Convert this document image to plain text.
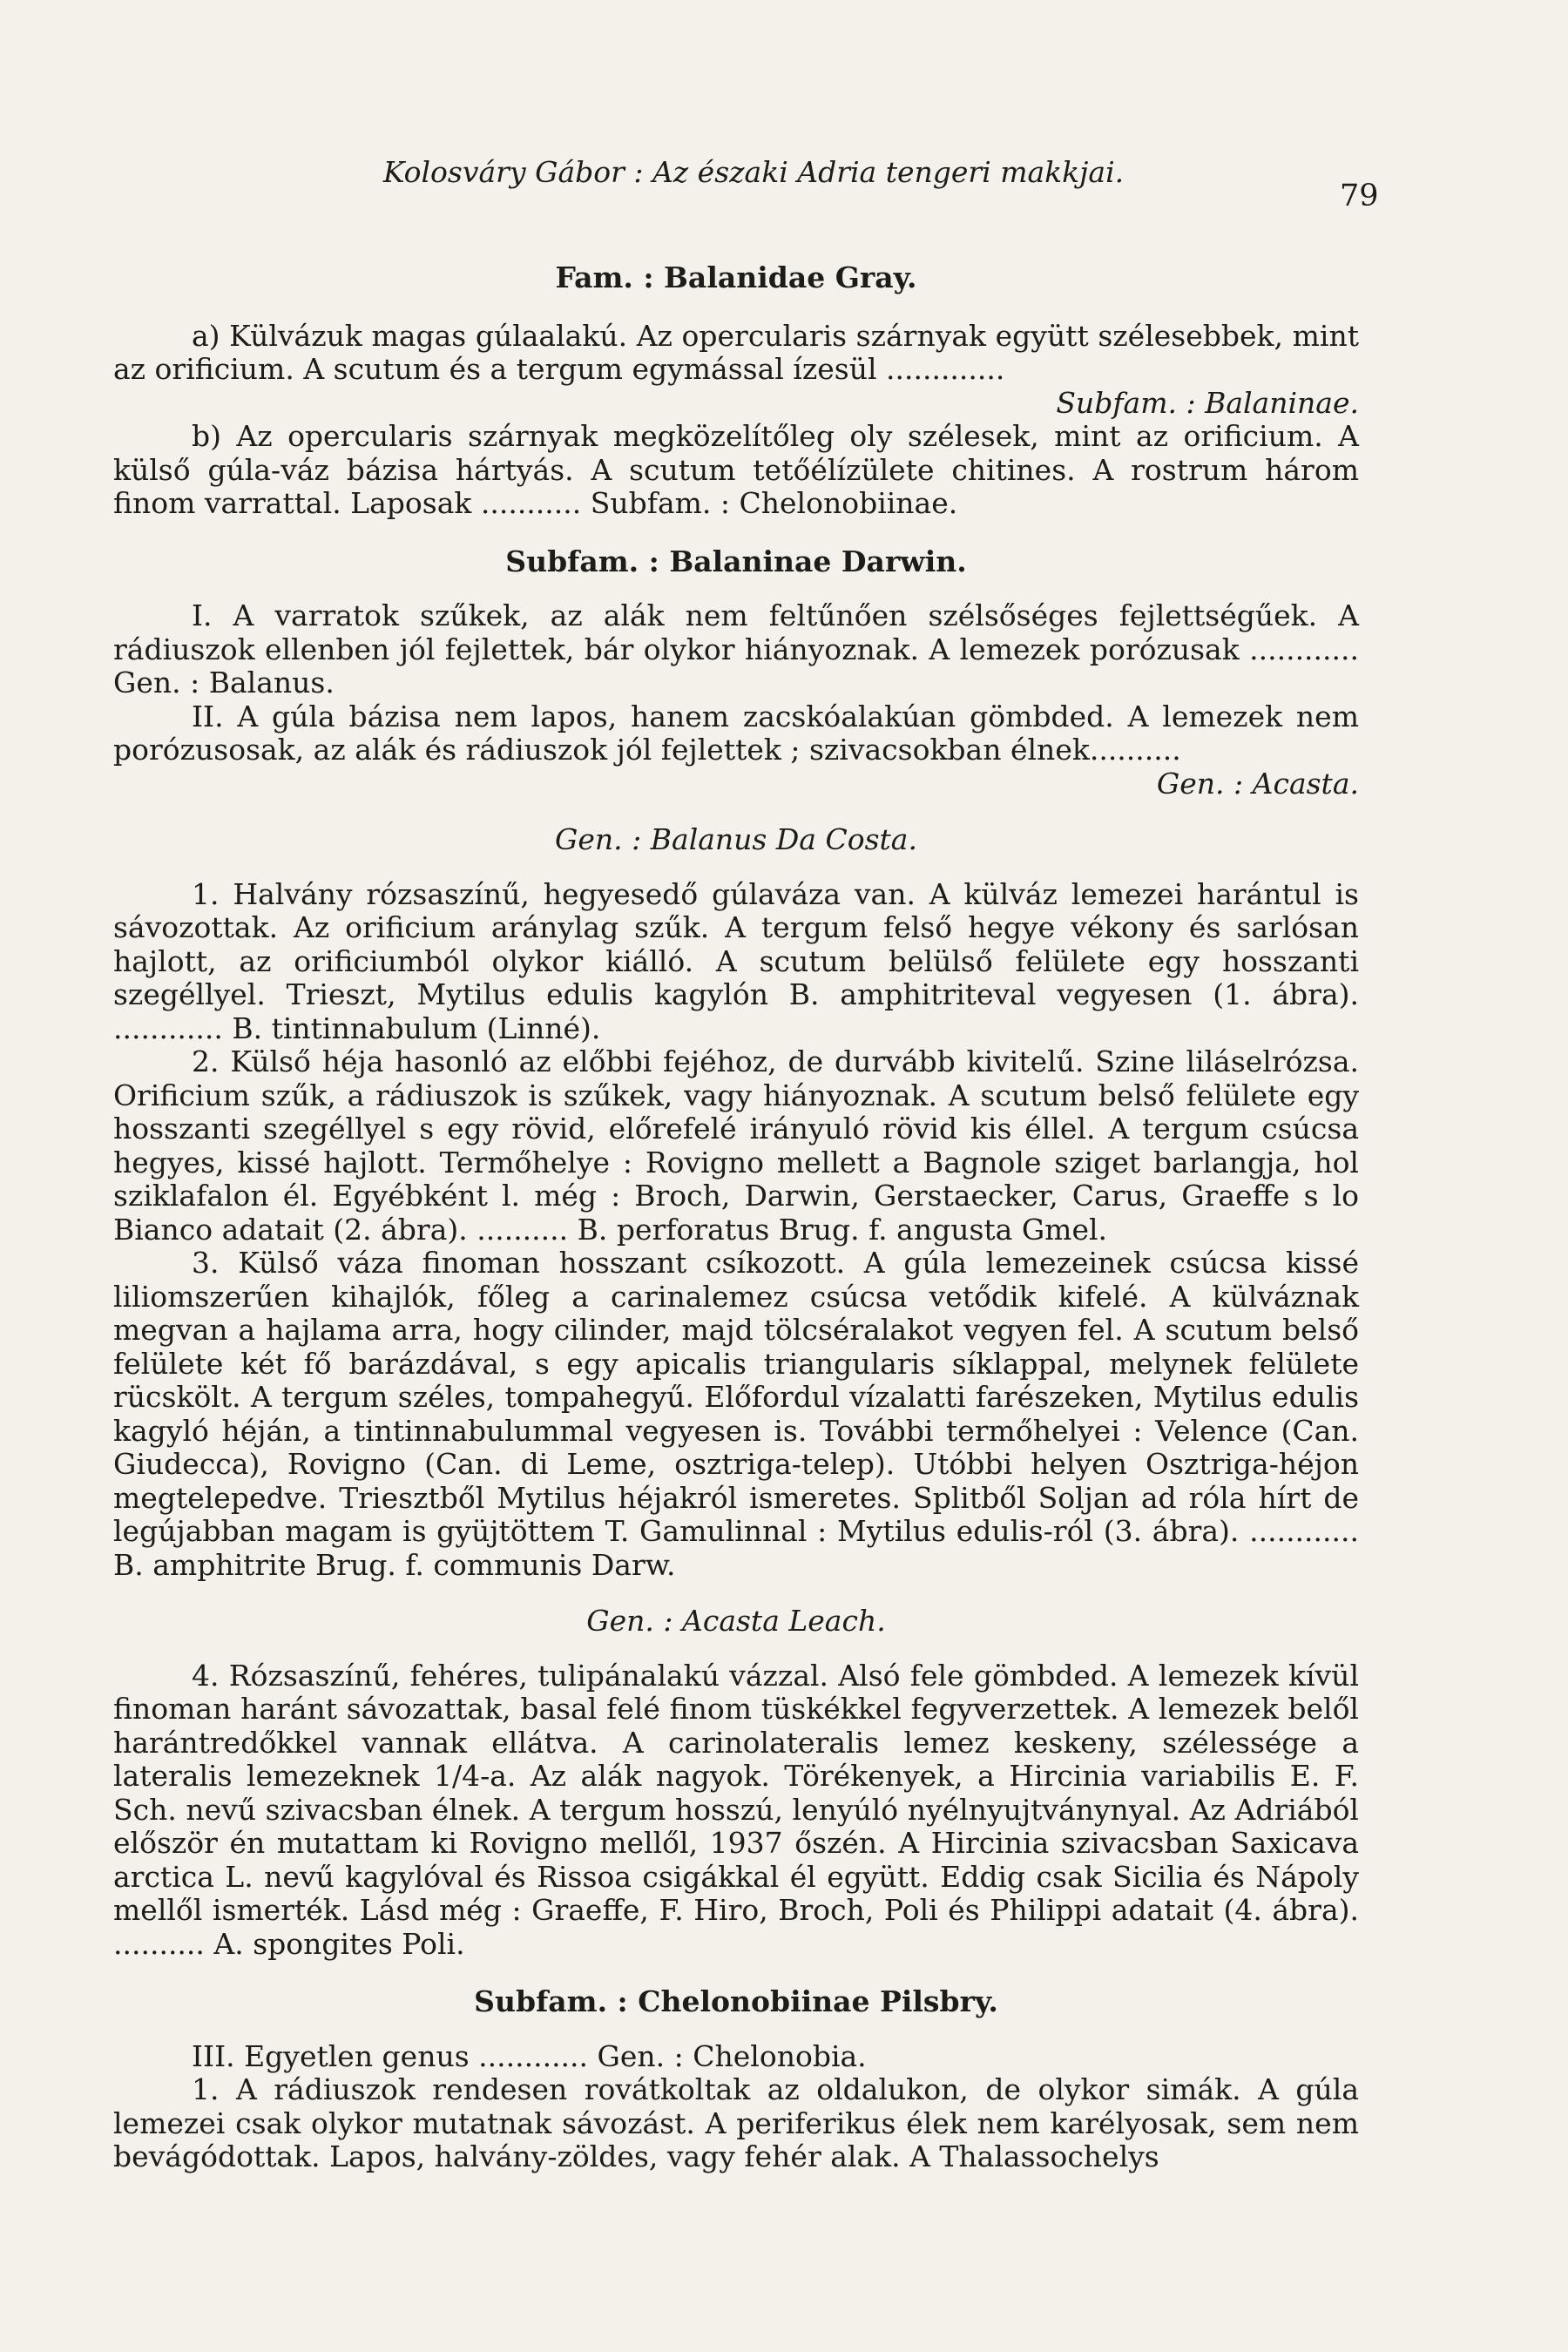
Kolosváry Gábor : Az északi Adria tengeri makkjai.
79
Fam. : Balanidae Gray.

a) Külvázuk magas gúlaalakú. Az opercularis szárnyak együtt szélesebbek, mint az orificium. A scutum és a tergum egymással ízesül .............

Subfam. : Balaninae.

b) Az opercularis szárnyak megközelítőleg oly szélesek, mint az orificium. A külső gúla-váz bázisa hártyás. A scutum tetőélízülete chitines. A rostrum három finom varrattal. Laposak ........... Subfam. : Chelonobiinae.

Subfam. : Balaninae Darwin.

I. A varratok szűkek, az alák nem feltűnően szélsőséges fejlettségűek. A rádiuszok ellenben jól fejlettek, bár olykor hiányoznak. A lemezek porózusak ............ Gen. : Balanus.

II. A gúla bázisa nem lapos, hanem zacskóalakúan gömbded. A lemezek nem porózusosak, az alák és rádiuszok jól fejlettek ; szivacsokban élnek..........

Gen. : Acasta.
Gen. : Balanus Da Costa.

1. Halvány rózsaszínű, hegyesedő gúlaváza van. A külváz lemezei harántul is sávozottak. Az orificium aránylag szűk. A tergum felső hegye vékony és sarlósan hajlott, az orificiumból olykor kiálló. A scutum belülső felülete egy hosszanti szegéllyel. Trieszt, Mytilus edulis kagylón B. amphitriteval vegyesen (1. ábra). ............ B. tintinnabulum (Linné).

2. Külső héja hasonló az előbbi fejéhoz, de durvább kivitelű. Szine liláselrózsa. Orificium szűk, a rádiuszok is szűkek, vagy hiányoznak. A scutum belső felülete egy hosszanti szegéllyel s egy rövid, előrefelé irányuló rövid kis éllel. A tergum csúcsa hegyes, kissé hajlott. Termőhelye : Rovigno mellett a Bagnole sziget barlangja, hol sziklafalon él. Egyébként l. még : Broch, Darwin, Gerstaecker, Carus, Graeffe s lo Bianco adatait (2. ábra). .......... B. perforatus Brug. f. angusta Gmel.

3. Külső váza finoman hosszant csíkozott. A gúla lemezeinek csúcsa kissé liliomszerűen kihajlók, főleg a carinalemez csúcsa vetődik kifelé. A külváznak megvan a hajlama arra, hogy cilinder, majd tölcséralakot vegyen fel. A scutum belső felülete két fő barázdával, s egy apicalis triangularis síklappal, melynek felülete rücskölt. A tergum széles, tompahegyű. Előfordul vízalatti farészeken, Mytilus edulis kagyló héján, a tintinnabulummal vegyesen is. További termőhelyei : Velence (Can. Giudecca), Rovigno (Can. di Leme, osztriga-telep). Utóbbi helyen Osztriga-héjon megtelepedve. Triesztből Mytilus héjakról ismeretes. Splitből Soljan ad róla hírt de legújabban magam is gyüjtöttem T. Gamulinnal : Mytilus edulis-ról (3. ábra). ............ B. amphitrite Brug. f. communis Darw.

Gen. : Acasta Leach.

4. Rózsaszínű, fehéres, tulipánalakú vázzal. Alsó fele gömbded. A lemezek kívül finoman haránt sávozattak, basal felé finom tüskékkel fegyverzettek. A lemezek belől harántredőkkel vannak ellátva. A carinolateralis lemez keskeny, szélessége a lateralis lemezeknek 1/4-a. Az alák nagyok. Törékenyek, a Hircinia variabilis E. F. Sch. nevű szivacsban élnek. A tergum hosszú, lenyúló nyélnyujtványnyal. Az Adriából először én mutattam ki Rovigno mellől, 1937 őszén. A Hircinia szivacsban Saxicava arctica L. nevű kagylóval és Rissoa csigákkal él együtt. Eddig csak Sicilia és Nápoly mellől ismerték. Lásd még : Graeffe, F. Hiro, Broch, Poli és Philippi adatait (4. ábra). .......... A. spongites Poli.

Subfam. : Chelonobiinae Pilsbry.

III. Egyetlen genus ............ Gen. : Chelonobia.

1. A rádiuszok rendesen rovátkoltak az oldalukon, de olykor simák. A gúla lemezei csak olykor mutatnak sávozást. A periferikus élek nem karélyosak, sem nem bevágódottak. Lapos, halvány-zöldes, vagy fehér alak. A Thalassochelys
